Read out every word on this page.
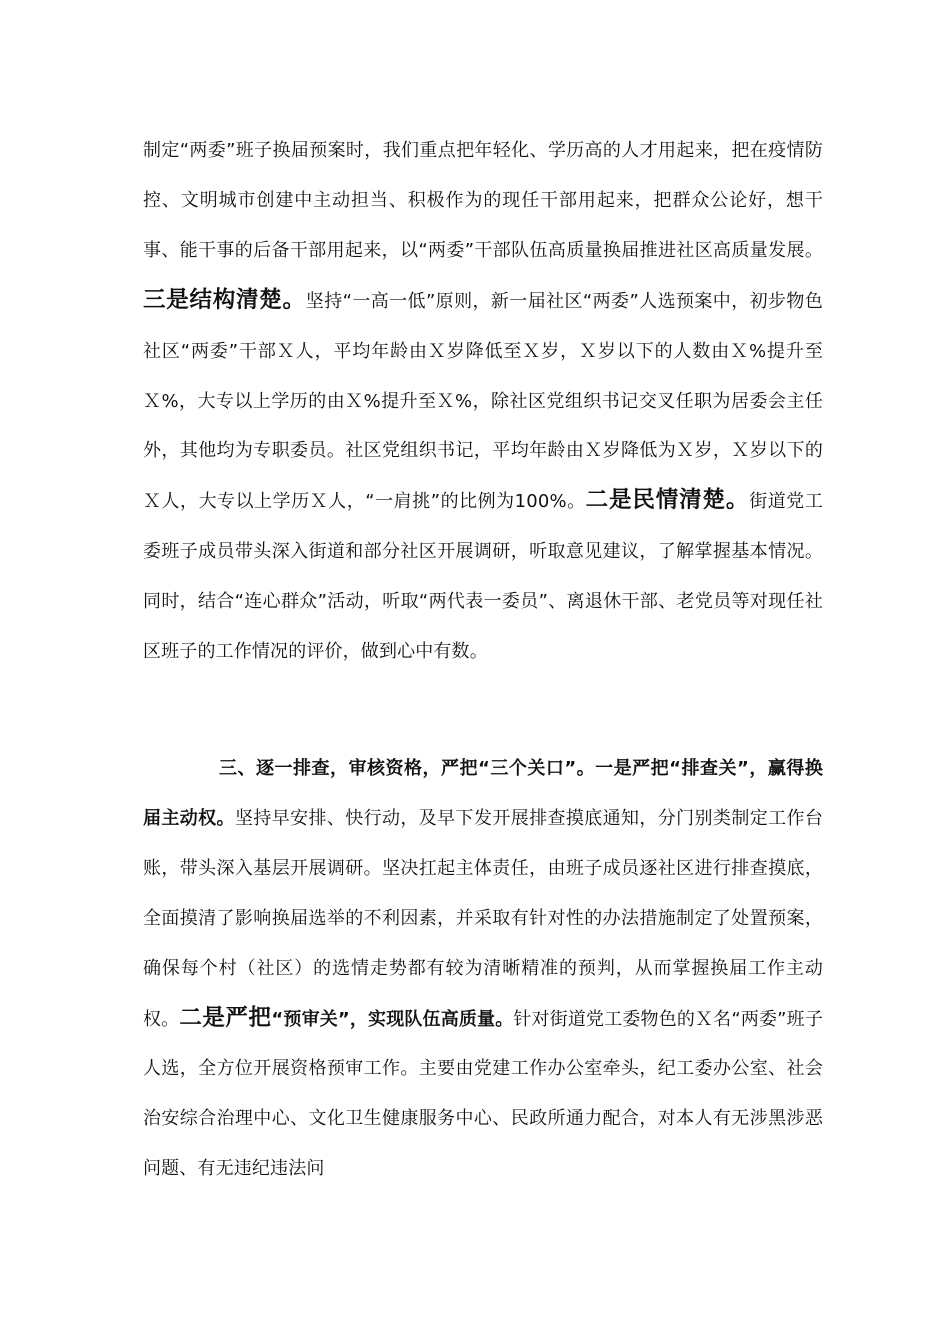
制定“两委”班子换届预案时，我们重点把年轻化、学历高的人才用起来，把在疫情防控、文明城市创建中主动担当、积极作为的现任干部用起来，把群众公论好，想干事、能干事的后备干部用起来，以“两委”干部队伍高质量换届推进社区高质量发展。三是结构清楚。坚持“一高一低”原则，新一届社区“两委”人选预案中，初步物色社区“两委”干部Ｘ人，平均年龄由Ｘ岁降低至Ｘ岁，Ｘ岁以下的人数由Ｘ%提升至Ｘ%，大专以上学历的由Ｘ%提升至Ｘ%，除社区党组织书记交叉任职为居委会主任外，其他均为专职委员。社区党组织书记，平均年龄由Ｘ岁降低为Ｘ岁，Ｘ岁以下的Ｘ人，大专以上学历Ｘ人，“一肩挑”的比例为100%。二是民情清楚。街道党工委班子成员带头深入街道和部分社区开展调研，听取意见建议，了解掌握基本情况。同时，结合“连心群众”活动，听取“两代表一委员”、离退休干部、老党员等对现任社区班子的工作情况的评价，做到心中有数。

三、逐一排查，审核资格，严把“三个关口”。一是严把“排查关”，赢得换届主动权。坚持早安排、快行动，及早下发开展排查摸底通知，分门别类制定工作台账，带头深入基层开展调研。坚决扛起主体责任，由班子成员逐社区进行排查摸底，全面摸清了影响换届选举的不利因素，并采取有针对性的办法措施制定了处置预案，确保每个村（社区）的选情走势都有较为清晰精准的预判，从而掌握换届工作主动权。二是严把“预审关”，实现队伍高质量。针对街道党工委物色的Ｘ名“两委”班子人选，全方位开展资格预审工作。主要由党建工作办公室牵头，纪工委办公室、社会治安综合治理中心、文化卫生健康服务中心、民政所通力配合，对本人有无涉黑涉恶问题、有无违纪违法问
